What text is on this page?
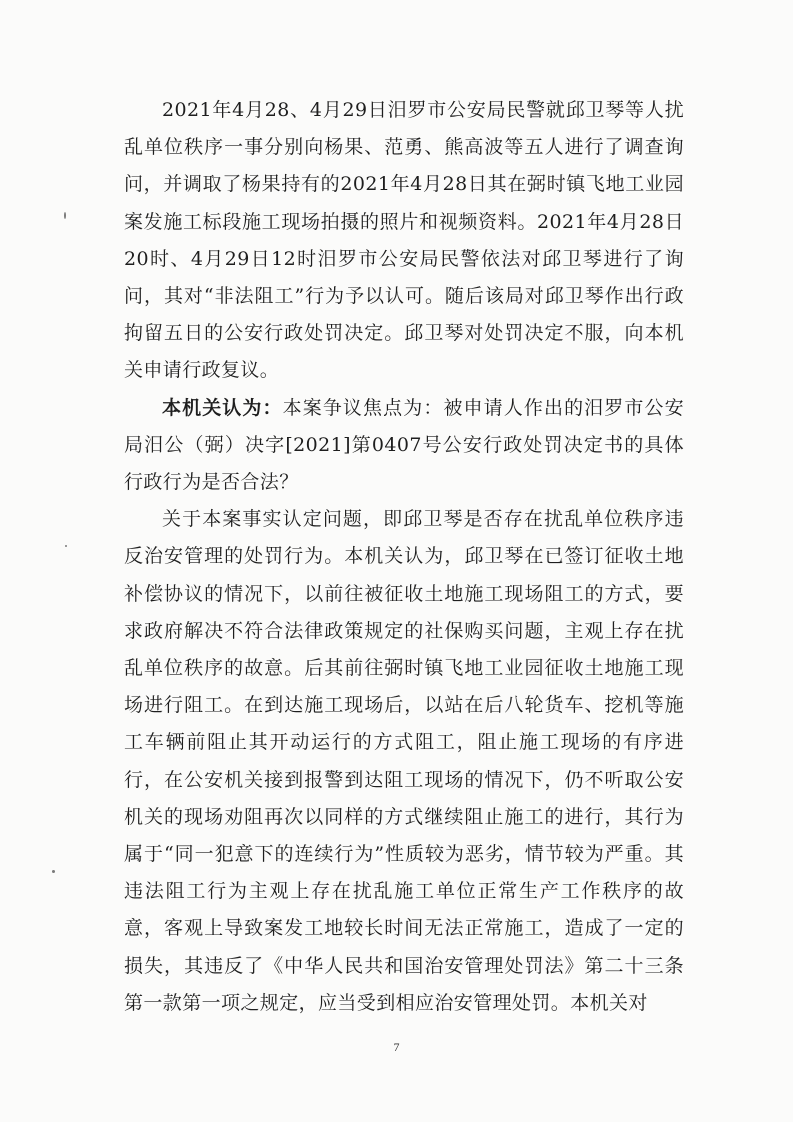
2021年4月28、4月29日汨罗市公安局民警就邱卫琴等人扰乱单位秩序一事分别向杨果、范勇、熊高波等五人进行了调查询问，并调取了杨果持有的2021年4月28日其在弼时镇飞地工业园案发施工标段施工现场拍摄的照片和视频资料。2021年4月28日20时、4月29日12时汨罗市公安局民警依法对邱卫琴进行了询问，其对“非法阻工”行为予以认可。随后该局对邱卫琴作出行政拘留五日的公安行政处罚决定。邱卫琴对处罚决定不服，向本机关申请行政复议。

本机关认为：本案争议焦点为：被申请人作出的汨罗市公安局汨公（弼）决字[2021]第0407号公安行政处罚决定书的具体行政行为是否合法？

关于本案事实认定问题，即邱卫琴是否存在扰乱单位秩序违反治安管理的处罚行为。本机关认为，邱卫琴在已签订征收土地补偿协议的情况下，以前往被征收土地施工现场阻工的方式，要求政府解决不符合法律政策规定的社保购买问题，主观上存在扰乱单位秩序的故意。后其前往弼时镇飞地工业园征收土地施工现场进行阻工。在到达施工现场后，以站在后八轮货车、挖机等施工车辆前阻止其开动运行的方式阻工，阻止施工现场的有序进行，在公安机关接到报警到达阻工现场的情况下，仍不听取公安机关的现场劝阻再次以同样的方式继续阻止施工的进行，其行为属于“同一犯意下的连续行为”性质较为恶劣，情节较为严重。其违法阻工行为主观上存在扰乱施工单位正常生产工作秩序的故意，客观上导致案发工地较长时间无法正常施工，造成了一定的损失，其违反了《中华人民共和国治安管理处罚法》第二十三条第一款第一项之规定，应当受到相应治安管理处罚。本机关对

7
